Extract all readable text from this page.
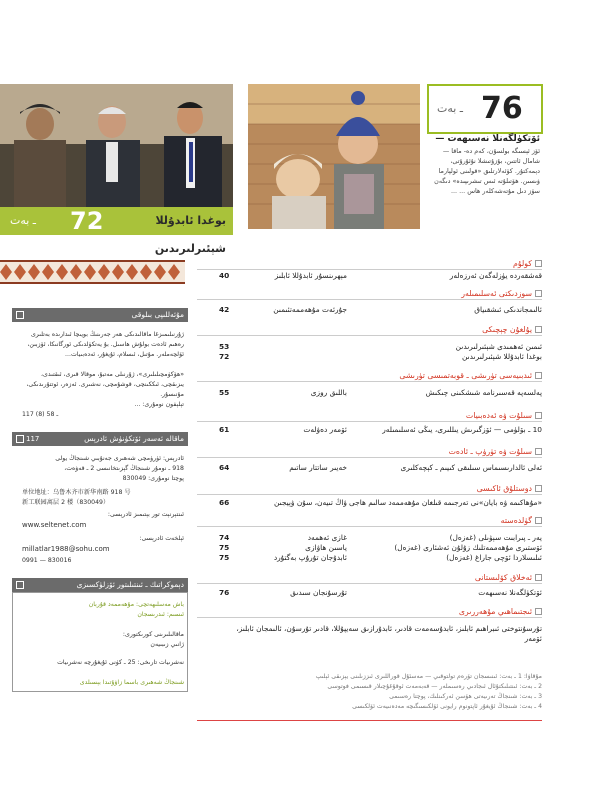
ـ بەت 72	بوغدا ئابدۇللا شېئىرلىرىدىن
ـ بەت 76
ئۆتكۈلگەنلا نەسىھەت —
ئۆز ئېسىگە بولسۇن، كەم دە- ماقا — شامال ئاتتىن، بۇزۇتىشلا نۇئۇرۇتى، دېمەكتۇر. كۆئەلارتلىق «قولىنى ئولپارما ۋىسىن. ھۆتىلۇتە ئىس تىشرىپىدە» دىگەن سۆز دىل مۇتەشەكلەر ھاس ... ...
مۇئەللىپى بىلوقى
ژۇرنىلىمىزغا ماقالىدىكى ھەر جەرىنىڭ بويىچا ئىدارىدە بەتلىرى رەھىم ئادەت بولۇش ھاسىل. بۇ يەتكۈلدىكى ئورگانىكا، ئۆزبىن، ئۆلچەملەر. مۇتىل، ئىسلام، ئۇيغۇر، ئەدەبىيات...
«ھۆكۈمچىلىلىرى»، ژۇرنىلى مەتبۇ، موقالا قىرى، ئىقتىدى، يىزىقچى، ئىككىنچى، قوشۇمچى، نەشىرى. ئەزەر، ئوتتۇرىدىكى، مۇنىسۇر.
تېلېفون نومۇرى: ...
117 ـ 58 (8)
117	ماقالە ئەسەر ئۆتكۈنۈش ئادرېس
ئادرېس: ئۈرۈمچى شەھىرى جەنۇبىي شىنجاڭ يولى
918 ـ نومۇر شىنجاڭ گېزىتخانىسى 2 ـ قەۋەت،
پوچتا نومۇرى: 830049
单位地址：乌鲁木齐市新华南路 918 号
新工联园离层 2 楼（830049）
ئىنتېرنېت تور بېتىمىز ئادرېسى:
www.seltenet.com
ئېلخەت ئادرېسى:
millatlar1988@sohu.com
0991 — 830016
دېموكراتىك ـ ئىنتىلىتور ئۆزلۈكسىزى
باش مەسلىھەتچى: مۇھەممەد قۇربان
ئىسىم: ئىدرىسجان
ماقالىلىرىنى كورىكتورى:
ژانىي زىبىيەن
نەشرىيات تارىخى: 25 ـ كۈنى ئۇيغۇرچە نەشرىيات
شىنجاڭ شەھىرى باسما زاۋۇتىدا بېسىلدى
كولۇم
40	مېھرىنسۇر ئابدۇللا ئابلىز	قەشقەردە يۈزلەگەن ئەرزەلەر
سوزدىكتى ئەسلىمىلەر
42	جۇرئەت مۇھەممەتئىمىن	ئالىمجاندىكى ئىشقىياق
يۇلغۇن چېچىكى
53	ئىمىن ئەھمىدى شېئىرلىرىدىن
72	بوغدا ئابدۇللا شېئىرلىرىدىن
ئىدبىيەسى تۈرىشى ـ قوبەتمىسى تۈرىشى
55	باللىق روزى	پەلسەپە قەسىرنامە شىشكىنى چىكىش
سىلۇت ۋە ئەدەبىيات
61	ئۆمەر دەۋلەت	10 ـ بۆلۈمى — ئۆزگىرىش يىللىرى، يىڭى ئەسلىمىلەر
سىلۇت ۋە تۈرۈپ ـ ئادەت
64	خەيىر ساتتار ساتىم	ئەلى ئالدارىسىماس سىلىقى كىيىم ـ كېچەكلىرى
دوستلۇق ئاكىسى
66	ۋاڭ تىيەن، سۇن ۋېيجىن «مۇھاكىمە ۋە بايان»نى تەرجىمە قىلغان مۇھەممەد سالىم ھاجى
گۈلدەستە
74	غازى ئەھمەد	يەر ـ پىرابىت سېۋىلى (غەزەل)
75	ياسىن ھاۋازى	ئۆستىرى مۇھەممەتلىك زۇلۇن ئەشئارى (غەزەل)
75	ئابدۇجان تۇرۇپ بەگتۇرد	ئىلىسلاردا ئۆچى جاراغ (غەزەل)
ئەخلاق كۆلىستانى
76	تۇرسۇنجان سىدىق	ئۆتكۈلگەنلا نەسىھەت
ئىجتىماھىي مۇھەررىرى
تۇرسۇنتوختى ئىبراھىم ئابلىز، ئابدۇسەمەت قادىر، ئابدۇرازىق سەيپۇللا، قادىر تۇرسۇن، ئالىمجان ئابلىز، ئۆمەر
مۇقاۋا: 1 ـ بەت: ئىنىسجان تۆرەم تولتوقىي — مەسئۇل قوراللىرى ئىززىلىنى يېزىقى ئېلىپ
2 ـ بەت: ئىنتىلىكتۇئال ئىجادىي رەسىملەر — قەبەمەت ئوقۇغۇچىلار قىسىمى فوتوسى
3 ـ بەت: شىنجاڭ تەرىيەتى ھۆسن ئەركىنلىك، پوچتا رەسىمى
4 ـ بەت: شىنجاڭ ئۇيغۇر ئاپتونوم رايونى ئۆلكىسىگىچە مەدەنىيەت ئۆلكىسى
